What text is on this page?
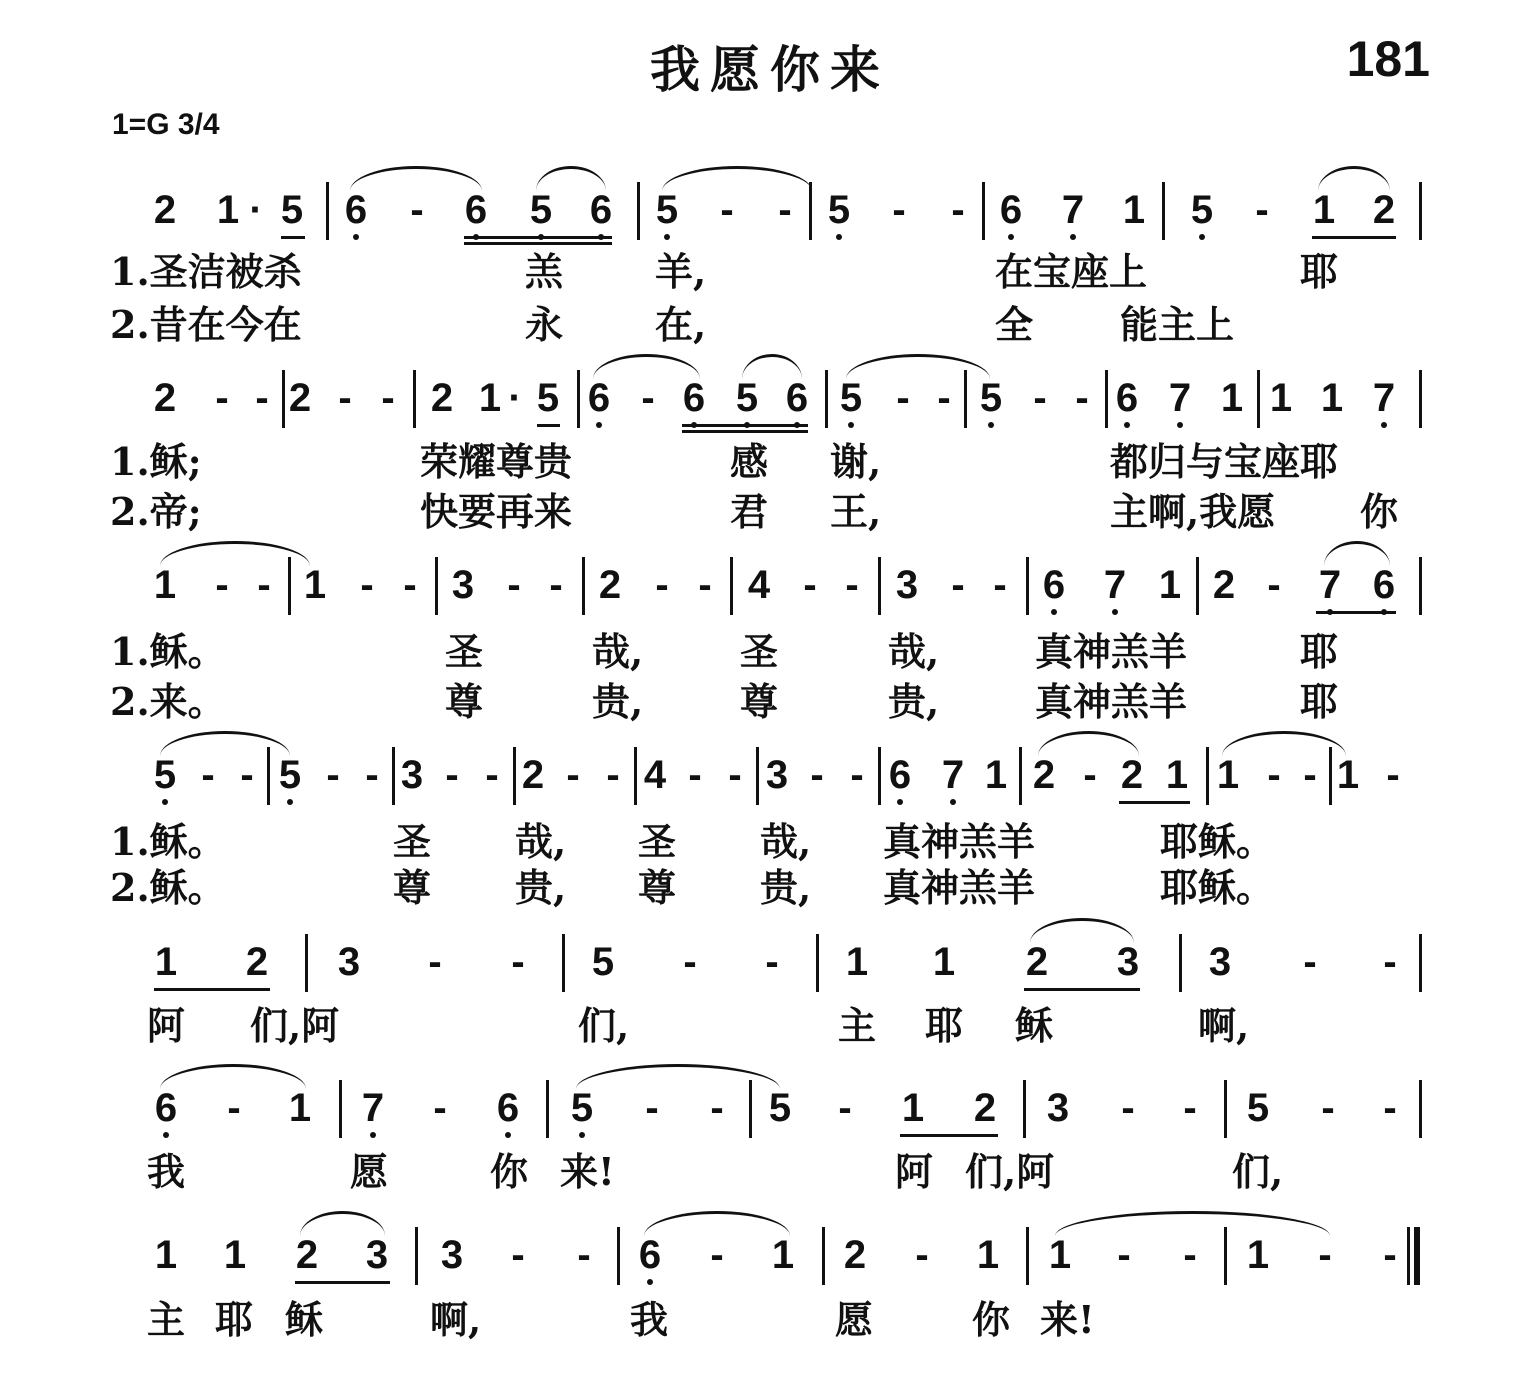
我愿你来	181
1=G 3/4
2 1 · 5 6	-	6 5 6 5	-	- 5	-	- 6 7 1 5	-	1 2
1.圣洁被杀	羔 羊,	在宝座上	耶
2.昔在今在	永 在,	全 能主上
2 - - 2 - - 2 1 · 5 6 - 6 5 6 5 - - 5 - - 6 7 1 1 1 7
1.稣;	荣耀尊贵	感 谢,	都归与宝座耶
2.帝;	快要再来	君 王,	主啊,我愿 你
1 - - 1 - - 3 - - 2 - - 4 - - 3 - - 6 7 1 2 - 7 6
1.稣。	圣	哉,	圣	哉,	真神羔羊	耶
2.来。	尊	贵,	尊	贵,	真神羔羊	耶
5 - - 5 - - 3 - - 2 - - 4 - - 3 - - 6 7 1 2 - 2 1 1 - - 1 -
1.稣。	圣 哉, 圣 哉, 真神羔羊	耶稣。
2.稣。	尊 贵, 尊 贵, 真神羔羊	耶稣。
1 2 3	-	-	5	-	-	1 1 2 3 3	-	-
阿 们,阿	们,	主 耶 稣	啊,
6	-	1 7	-	6 5	-	-	5	-	1 2 3	-	-	5	-	-
我	愿	你 来!	阿 们,阿	们,
1 1 2 3 3	-	-	6	-	1 2	-	1 1	-	-	1	-	-
主 耶 稣	啊,	我	愿	你 来!
